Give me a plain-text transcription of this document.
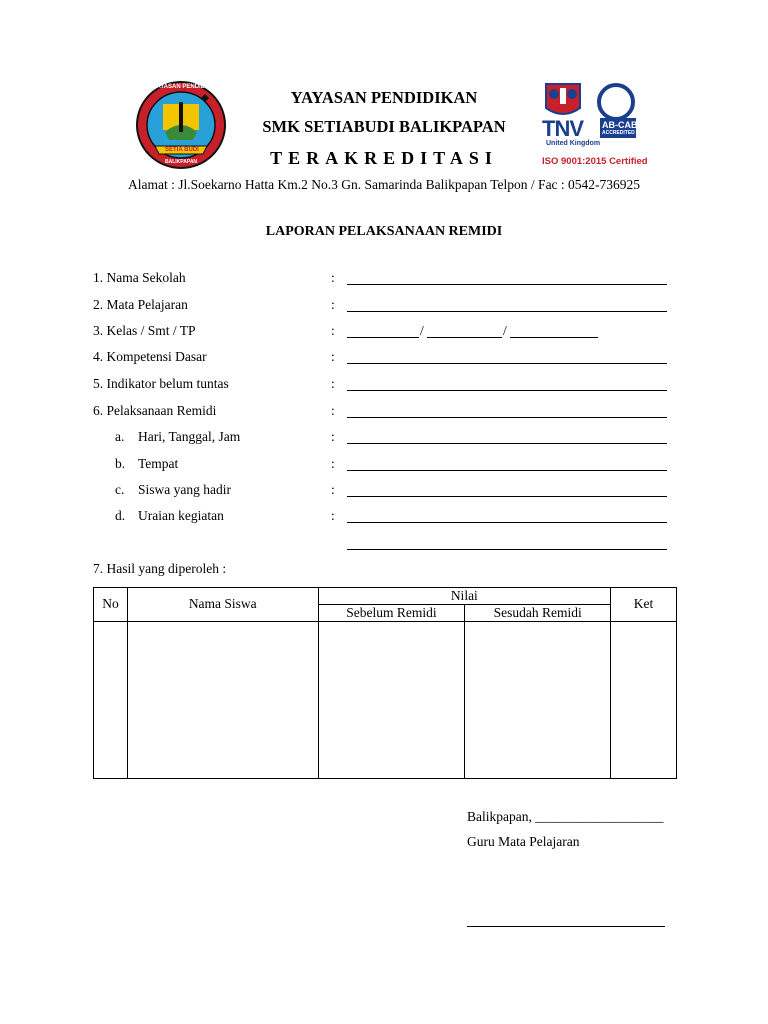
YAYASAN PENDIDIKAN
SETIA BUDI
BALIKPAPAN
TNV
United Kingdom
AB-CAB
ACCREDITED
ISO 9001:2015 Certified
YAYASAN PENDIDIKAN
SMK SETIABUDI BALIKPAPAN
TERAKREDITASI
Alamat : Jl.Soekarno Hatta Km.2 No.3 Gn. Samarinda Balikpapan Telpon / Fac : 0542-736925
LAPORAN PELAKSANAAN REMIDI
1. Nama Sekolah	:
2. Mata Pelajaran	:
3. Kelas / Smt / TP	:	/	/
4. Kompetensi Dasar	:
5. Indikator belum tuntas	:
6. Pelaksanaan Remidi	:
a. Hari, Tanggal, Jam	:
b. Tempat	:
c. Siswa yang hadir	:
d. Uraian kegiatan	:
7. Hasil yang diperoleh :
No	Nama Siswa	Nilai		Ket
		Sebelum Remidi	Sesudah Remidi	

Balikpapan, ___________________
Guru Mata Pelajaran
